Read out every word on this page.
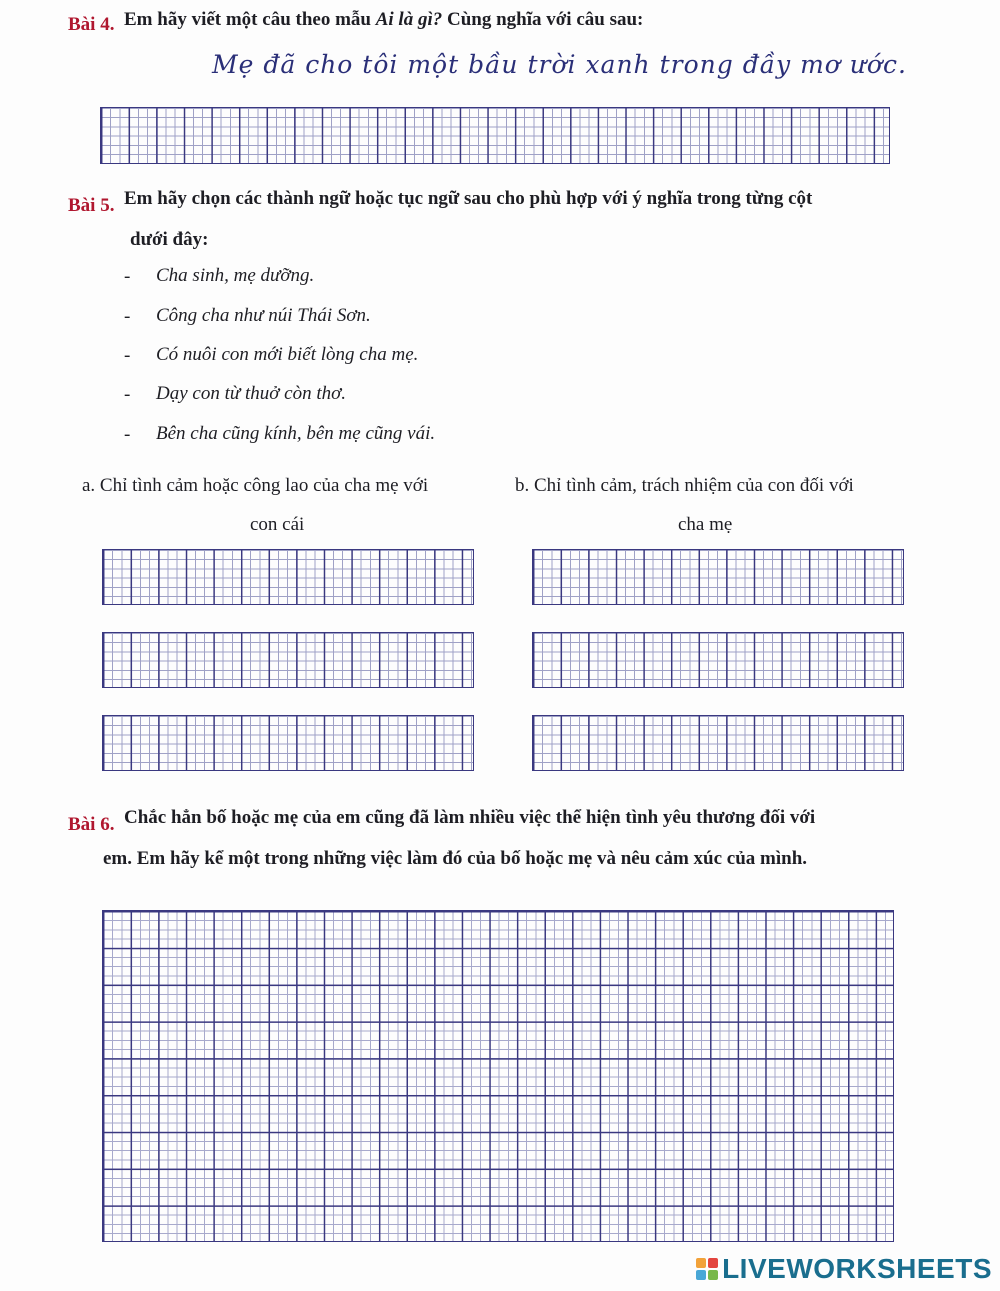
Bài 4. Em hãy viết một câu theo mẫu Ai là gì? Cùng nghĩa với câu sau:
Mẹ đã cho tôi một bầu trời xanh trong đầy mơ ước.
Bài 5. Em hãy chọn các thành ngữ hoặc tục ngữ sau cho phù hợp với ý nghĩa trong từng cột
dưới đây:
- Cha sinh, mẹ dưỡng.
- Công cha như núi Thái Sơn.
- Có nuôi con mới biết lòng cha mẹ.
- Dạy con từ thuở còn thơ.
- Bên cha cũng kính, bên mẹ cũng vái.
a. Chỉ tình cảm hoặc công lao của cha mẹ với
con cái
b. Chỉ tình cảm, trách nhiệm của con đối với
cha mẹ
Bài 6. Chắc hẳn bố hoặc mẹ của em cũng đã làm nhiều việc thể hiện tình yêu thương đối với
em. Em hãy kể một trong những việc làm đó của bố hoặc mẹ và nêu cảm xúc của mình.
LIVEWORKSHEETS
